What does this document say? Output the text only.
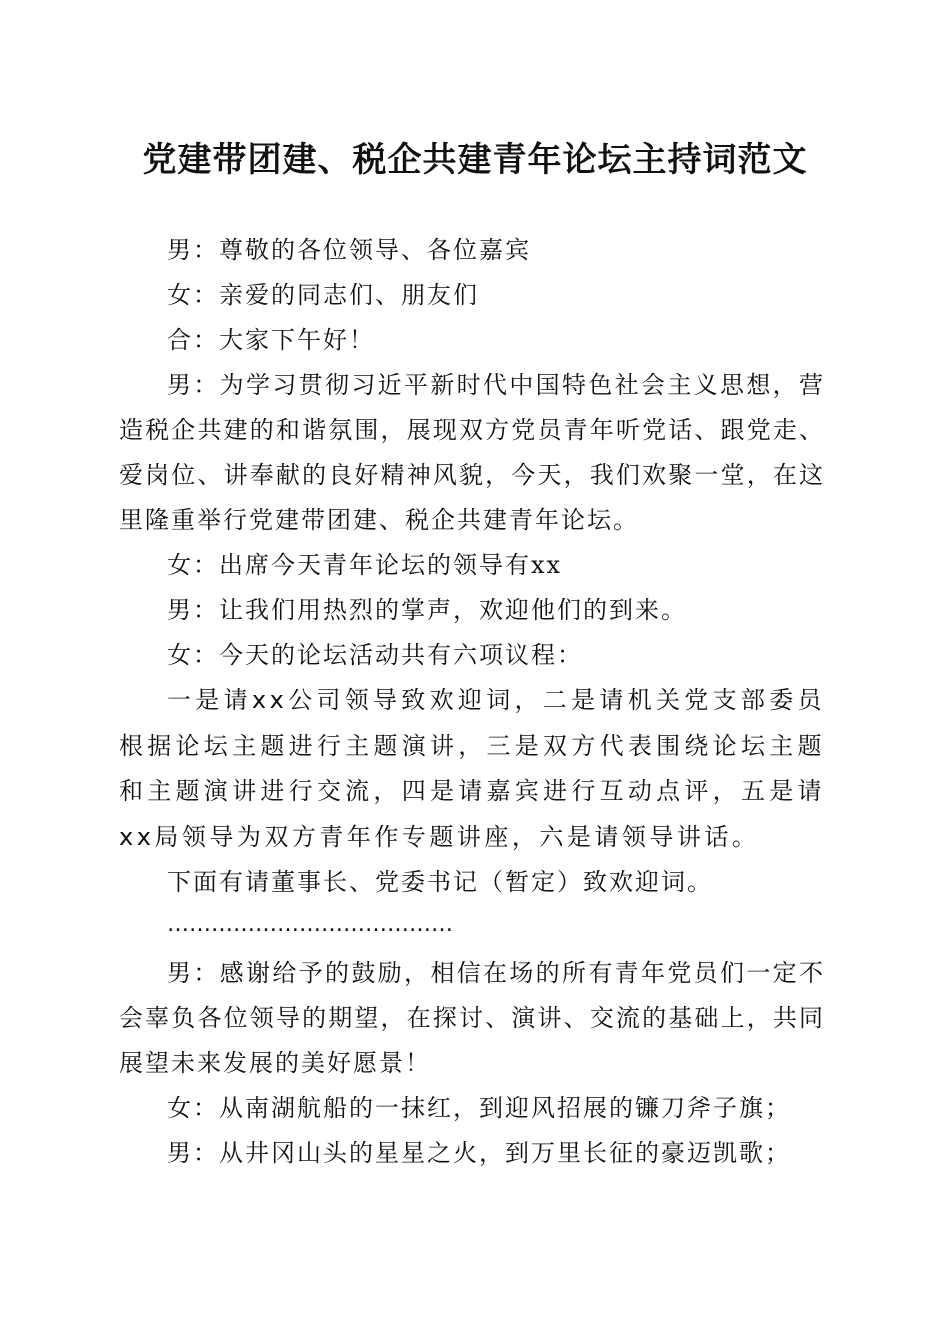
党建带团建、税企共建青年论坛主持词范文

男：尊敬的各位领导、各位嘉宾

女：亲爱的同志们、朋友们

合：大家下午好！

男：为学习贯彻习近平新时代中国特色社会主义思想，营造税企共建的和谐氛围，展现双方党员青年听党话、跟党走、爱岗位、讲奉献的良好精神风貌，今天，我们欢聚一堂，在这里隆重举行党建带团建、税企共建青年论坛。

女：出席今天青年论坛的领导有xx

男：让我们用热烈的掌声，欢迎他们的到来。

女：今天的论坛活动共有六项议程：

一是请xx公司领导致欢迎词，二是请机关党支部委员根据论坛主题进行主题演讲，三是双方代表围绕论坛主题和主题演讲进行交流，四是请嘉宾进行互动点评，五是请xx局领导为双方青年作专题讲座，六是请领导讲话。

下面有请董事长、党委书记（暂定）致欢迎词。

…………………………………

男：感谢给予的鼓励，相信在场的所有青年党员们一定不会辜负各位领导的期望，在探讨、演讲、交流的基础上，共同展望未来发展的美好愿景！

女：从南湖航船的一抹红，到迎风招展的镰刀斧子旗；

男：从井冈山头的星星之火，到万里长征的豪迈凯歌；
